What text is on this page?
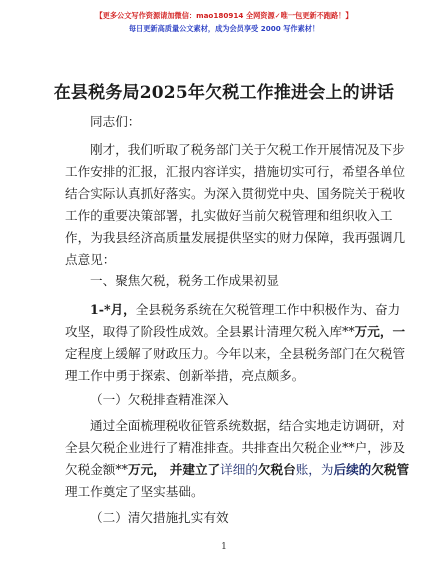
【更多公文写作资源请加微信：mao180914 全网资源✓唯一包更新不跑路！】
每日更新高质量公文素材，成为会员享受 2000 写作素材！
在县税务局2025年欠税工作推进会上的讲话
同志们：
刚才，我们听取了税务部门关于欠税工作开展情况及下步
工作安排的汇报，汇报内容详实，措施切实可行，希望各单位
结合实际认真抓好落实。为深入贯彻党中央、国务院关于税收
工作的重要决策部署，扎实做好当前欠税管理和组织收入工
作，为我县经济高质量发展提供坚实的财力保障，我再强调几
点意见：
一、聚焦欠税，税务工作成果初显
1-*月，全县税务系统在欠税管理工作中积极作为、奋力
攻坚，取得了阶段性成效。全县累计清理欠税入库**万元，一
定程度上缓解了财政压力。今年以来，全县税务部门在欠税管
理工作中勇于探索、创新举措，亮点颇多。
（一）欠税排查精准深入
通过全面梳理税收征管系统数据，结合实地走访调研，对
全县欠税企业进行了精准排查。共排查出欠税企业**户，涉及
欠税金额**万元， 并建立了详细的欠税台账，为后续的欠税管
理工作奠定了坚实基础。
（二）清欠措施扎实有效
1
